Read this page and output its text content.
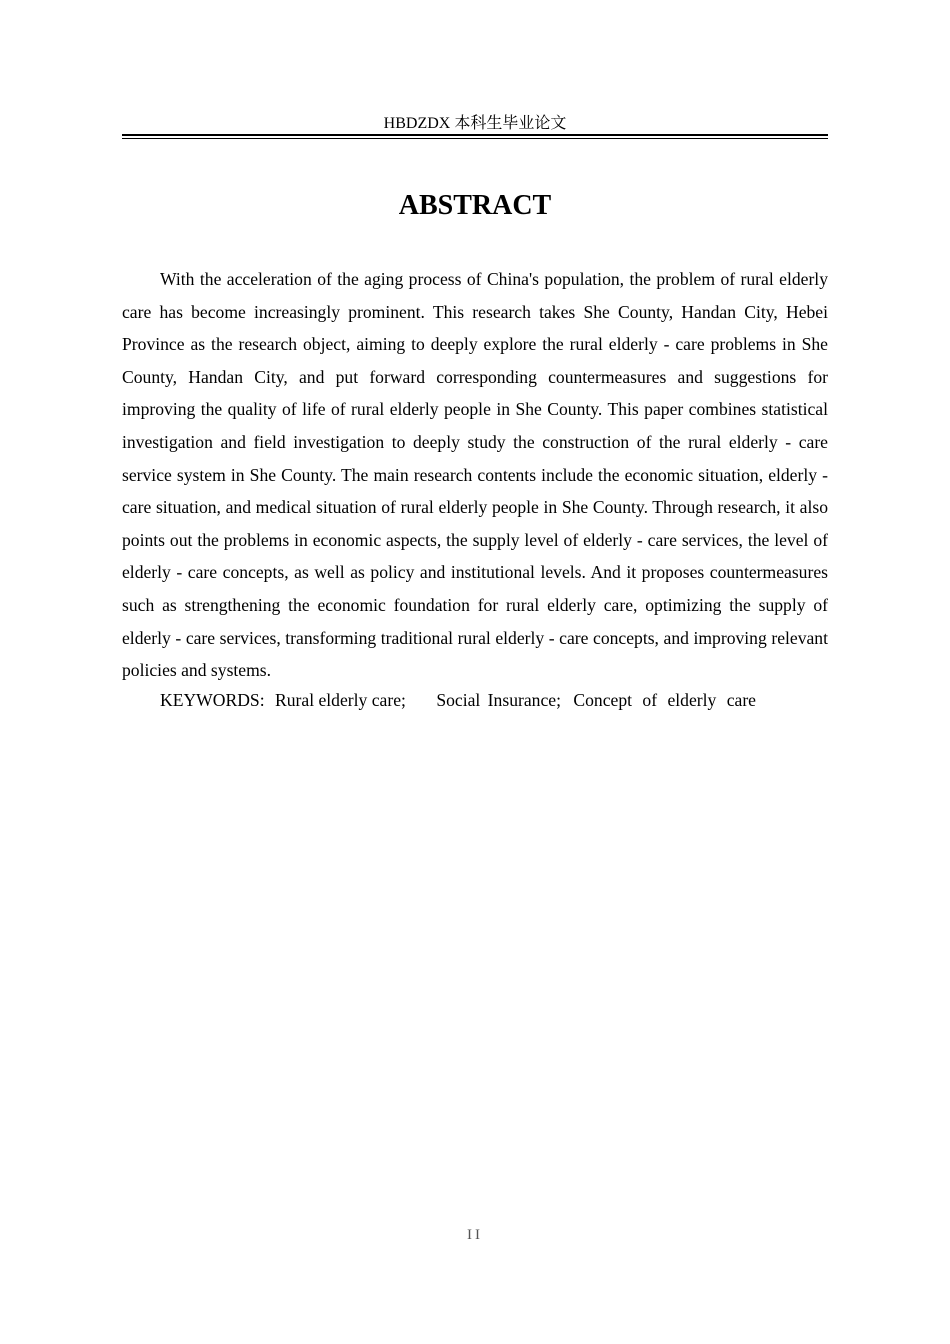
HBDZDX 本科生毕业论文
ABSTRACT

With the acceleration of the aging process of China's population, the problem of rural elderly care has become increasingly prominent. This research takes She County, Handan City, Hebei Province as the research object, aiming to deeply explore the rural elderly - care problems in She County, Handan City, and put forward corresponding countermeasures and suggestions for improving the quality of life of rural elderly people in She County. This paper combines statistical investigation and field investigation to deeply study the construction of the rural elderly - care service system in She County. The main research contents include the economic situation, elderly - care situation, and medical situation of rural elderly people in She County. Through research, it also points out the problems in economic aspects, the supply level of elderly - care services, the level of elderly - care concepts, as well as policy and institutional levels. And it proposes countermeasures such as strengthening the economic foundation for rural elderly care, optimizing the supply of elderly - care services, transforming traditional rural elderly - care concepts, and improving relevant policies and systems.

KEYWORDS: Rural elderly care; Social Insurance; Concept of elderly care
II
